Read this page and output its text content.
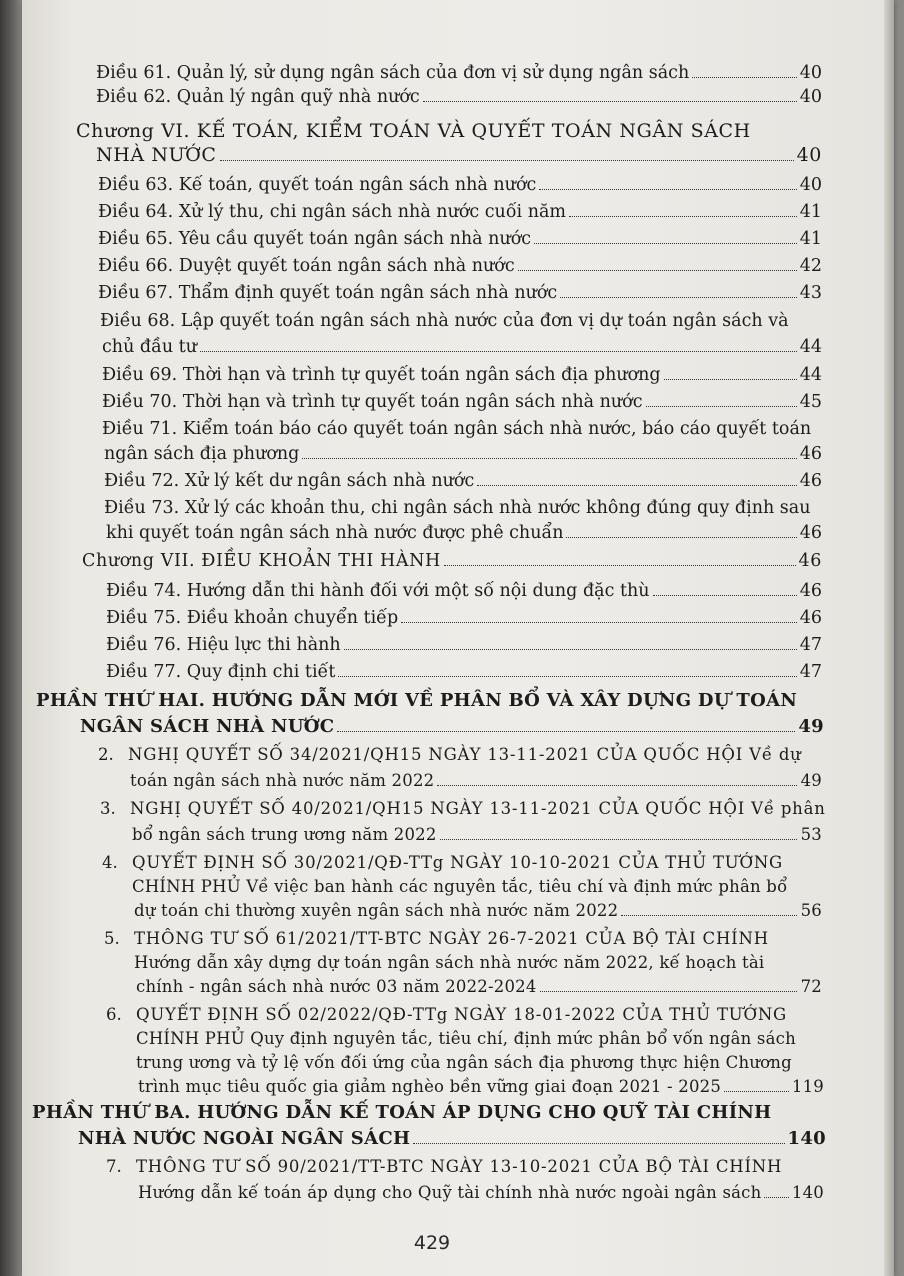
Điều 61. Quản lý, sử dụng ngân sách của đơn vị sử dụng ngân sách	40
Điều 62. Quản lý ngân quỹ nhà nước	40
Chương VI. KẾ TOÁN, KIỂM TOÁN VÀ QUYẾT TOÁN NGÂN SÁCH
NHÀ NƯỚC	40
Điều 63. Kế toán, quyết toán ngân sách nhà nước	40
Điều 64. Xử lý thu, chi ngân sách nhà nước cuối năm	41
Điều 65. Yêu cầu quyết toán ngân sách nhà nước	41
Điều 66. Duyệt quyết toán ngân sách nhà nước	42
Điều 67. Thẩm định quyết toán ngân sách nhà nước	43
Điều 68. Lập quyết toán ngân sách nhà nước của đơn vị dự toán ngân sách và
chủ đầu tư	44
Điều 69. Thời hạn và trình tự quyết toán ngân sách địa phương	44
Điều 70. Thời hạn và trình tự quyết toán ngân sách nhà nước	45
Điều 71. Kiểm toán báo cáo quyết toán ngân sách nhà nước, báo cáo quyết toán
ngân sách địa phương	46
Điều 72. Xử lý kết dư ngân sách nhà nước	46
Điều 73. Xử lý các khoản thu, chi ngân sách nhà nước không đúng quy định sau
khi quyết toán ngân sách nhà nước được phê chuẩn	46
Chương VII. ĐIỀU KHOẢN THI HÀNH	46
Điều 74. Hướng dẫn thi hành đối với một số nội dung đặc thù	46
Điều 75. Điều khoản chuyển tiếp	46
Điều 76. Hiệu lực thi hành	47
Điều 77. Quy định chi tiết	47
PHẦN THỨ HAI. HƯỚNG DẪN MỚI VỀ PHÂN BỔ VÀ XÂY DỰNG DỰ TOÁN
NGÂN SÁCH NHÀ NƯỚC	49
2. NGHỊ QUYẾT SỐ 34/2021/QH15 NGÀY 13-11-2021 CỦA QUỐC HỘI Về dự
toán ngân sách nhà nước năm 2022	49
3. NGHỊ QUYẾT SỐ 40/2021/QH15 NGÀY 13-11-2021 CỦA QUỐC HỘI Về phân
bổ ngân sách trung ương năm 2022	53
4. QUYẾT ĐỊNH SỐ 30/2021/QĐ-TTg NGÀY 10-10-2021 CỦA THỦ TƯỚNG
CHÍNH PHỦ Về việc ban hành các nguyên tắc, tiêu chí và định mức phân bổ
dự toán chi thường xuyên ngân sách nhà nước năm 2022	56
5. THÔNG TƯ SỐ 61/2021/TT-BTC NGÀY 26-7-2021 CỦA BỘ TÀI CHÍNH
Hướng dẫn xây dựng dự toán ngân sách nhà nước năm 2022, kế hoạch tài
chính - ngân sách nhà nước 03 năm 2022-2024	72
6. QUYẾT ĐỊNH SỐ 02/2022/QĐ-TTg NGÀY 18-01-2022 CỦA THỦ TƯỚNG
CHÍNH PHỦ Quy định nguyên tắc, tiêu chí, định mức phân bổ vốn ngân sách
trung ương và tỷ lệ vốn đối ứng của ngân sách địa phương thực hiện Chương
trình mục tiêu quốc gia giảm nghèo bền vững giai đoạn 2021 - 2025	119
PHẦN THỨ BA. HƯỚNG DẪN KẾ TOÁN ÁP DỤNG CHO QUỸ TÀI CHÍNH
NHÀ NƯỚC NGOÀI NGÂN SÁCH	140
7. THÔNG TƯ SỐ 90/2021/TT-BTC NGÀY 13-10-2021 CỦA BỘ TÀI CHÍNH
Hướng dẫn kế toán áp dụng cho Quỹ tài chính nhà nước ngoài ngân sách 140
429
